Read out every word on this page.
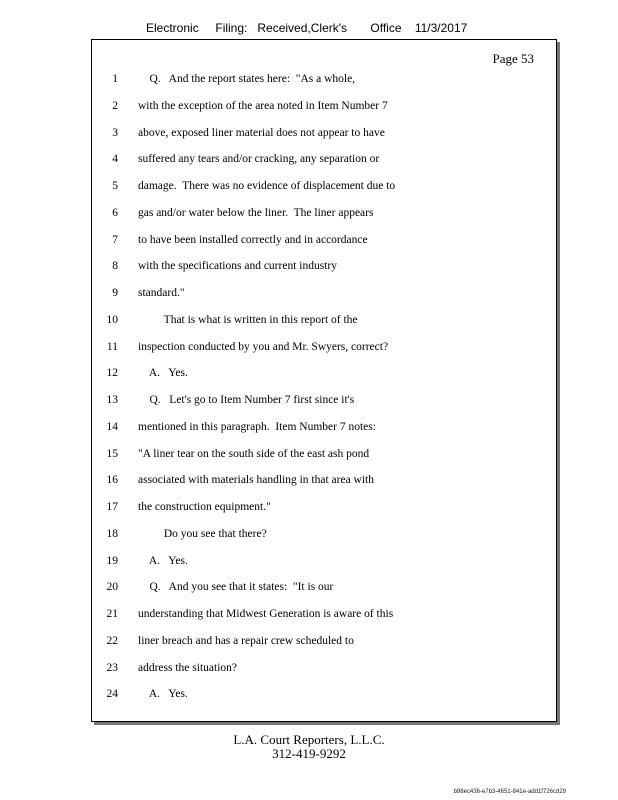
Electronic     Filing:   Received,Clerk's       Office    11/3/2017
Page 53
1 Q.   And the report states here:  "As a whole,
2 with the exception of the area noted in Item Number 7
3 above, exposed liner material does not appear to have
4 suffered any tears and/or cracking, any separation or
5 damage.  There was no evidence of displacement due to
6 gas and/or water below the liner.  The liner appears
7 to have been installed correctly and in accordance
8 with the specifications and current industry
9 standard."
10 That is what is written in this report of the
11 inspection conducted by you and Mr. Swyers, correct?
12 A.   Yes.
13 Q.   Let's go to Item Number 7 first since it's
14 mentioned in this paragraph.  Item Number 7 notes:
15 "A liner tear on the south side of the east ash pond
16 associated with materials handling in that area with
17 the construction equipment."
18 Do you see that there?
19 A.   Yes.
20 Q.   And you see that it states:  "It is our
21 understanding that Midwest Generation is aware of this
22 liner breach and has a repair crew scheduled to
23 address the situation?
24 A.   Yes.
L.A. Court Reporters, L.L.C.

312-419-9292
b98ec436-e7b3-4651-841e-add1f726cd29
